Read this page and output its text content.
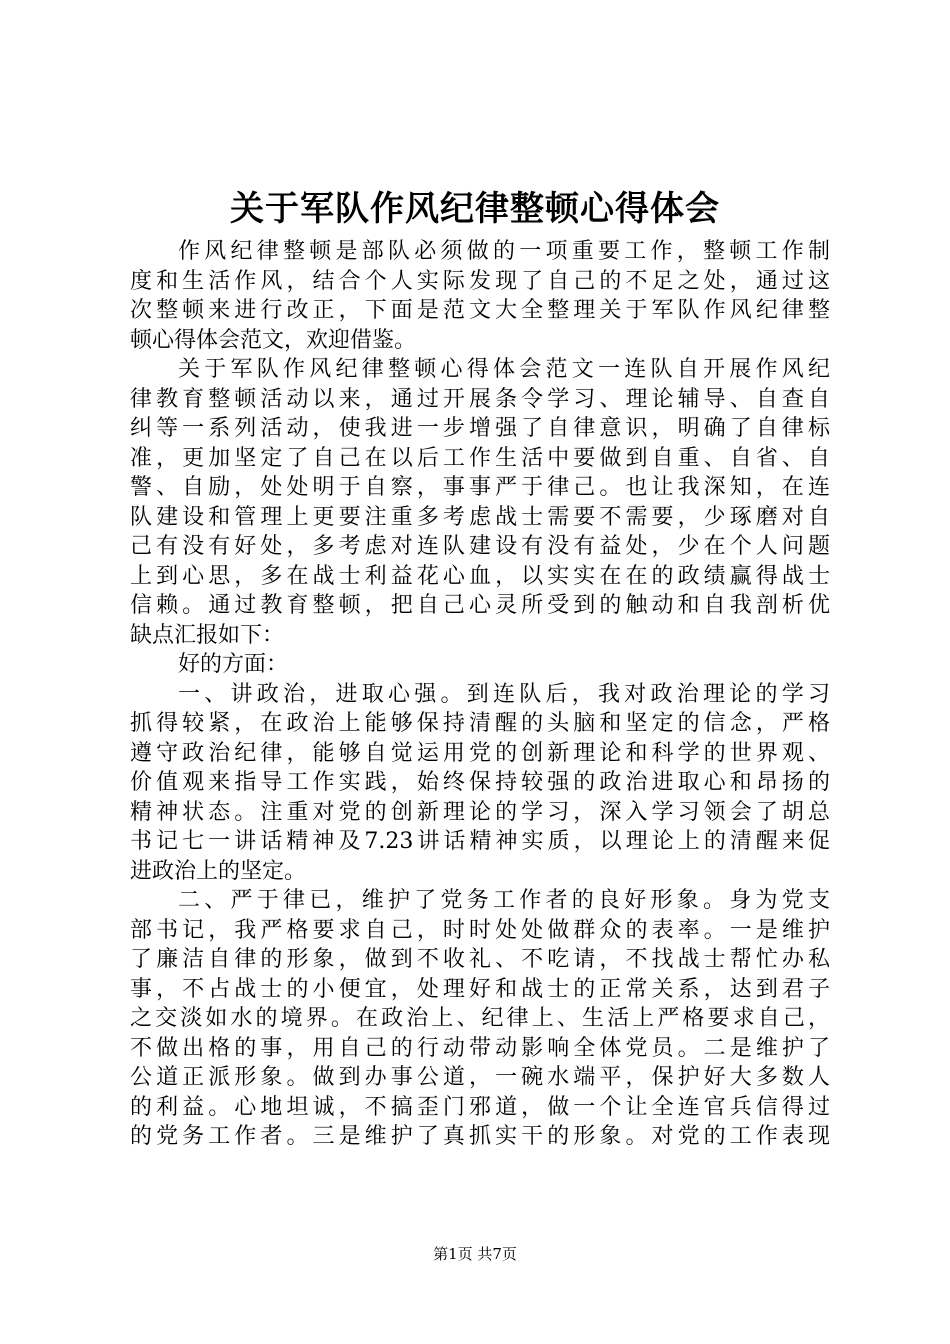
关于军队作风纪律整顿心得体会
作风纪律整顿是部队必须做的一项重要工作，整顿工作制
度和生活作风，结合个人实际发现了自己的不足之处，通过这
次整顿来进行改正，下面是范文大全整理关于军队作风纪律整
顿心得体会范文，欢迎借鉴。
关于军队作风纪律整顿心得体会范文一连队自开展作风纪
律教育整顿活动以来，通过开展条令学习、理论辅导、自查自
纠等一系列活动，使我进一步增强了自律意识，明确了自律标
准，更加坚定了自己在以后工作生活中要做到自重、自省、自
警、自励，处处明于自察，事事严于律己。也让我深知，在连
队建设和管理上更要注重多考虑战士需要不需要，少琢磨对自
己有没有好处，多考虑对连队建设有没有益处，少在个人问题
上到心思，多在战士利益花心血，以实实在在的政绩赢得战士
信赖。通过教育整顿，把自己心灵所受到的触动和自我剖析优
缺点汇报如下：
好的方面：
一、讲政治，进取心强。到连队后，我对政治理论的学习
抓得较紧，在政治上能够保持清醒的头脑和坚定的信念，严格
遵守政治纪律，能够自觉运用党的创新理论和科学的世界观、
价值观来指导工作实践，始终保持较强的政治进取心和昂扬的
精神状态。注重对党的创新理论的学习，深入学习领会了胡总
书记七一讲话精神及7.23讲话精神实质，以理论上的清醒来促
进政治上的坚定。
二、严于律已，维护了党务工作者的良好形象。身为党支
部书记，我严格要求自己，时时处处做群众的表率。一是维护
了廉洁自律的形象，做到不收礼、不吃请，不找战士帮忙办私
事，不占战士的小便宜，处理好和战士的正常关系，达到君子
之交淡如水的境界。在政治上、纪律上、生活上严格要求自己，
不做出格的事，用自己的行动带动影响全体党员。二是维护了
公道正派形象。做到办事公道，一碗水端平，保护好大多数人
的利益。心地坦诚，不搞歪门邪道，做一个让全连官兵信得过
的党务工作者。三是维护了真抓实干的形象。对党的工作表现
第1页 共7页
